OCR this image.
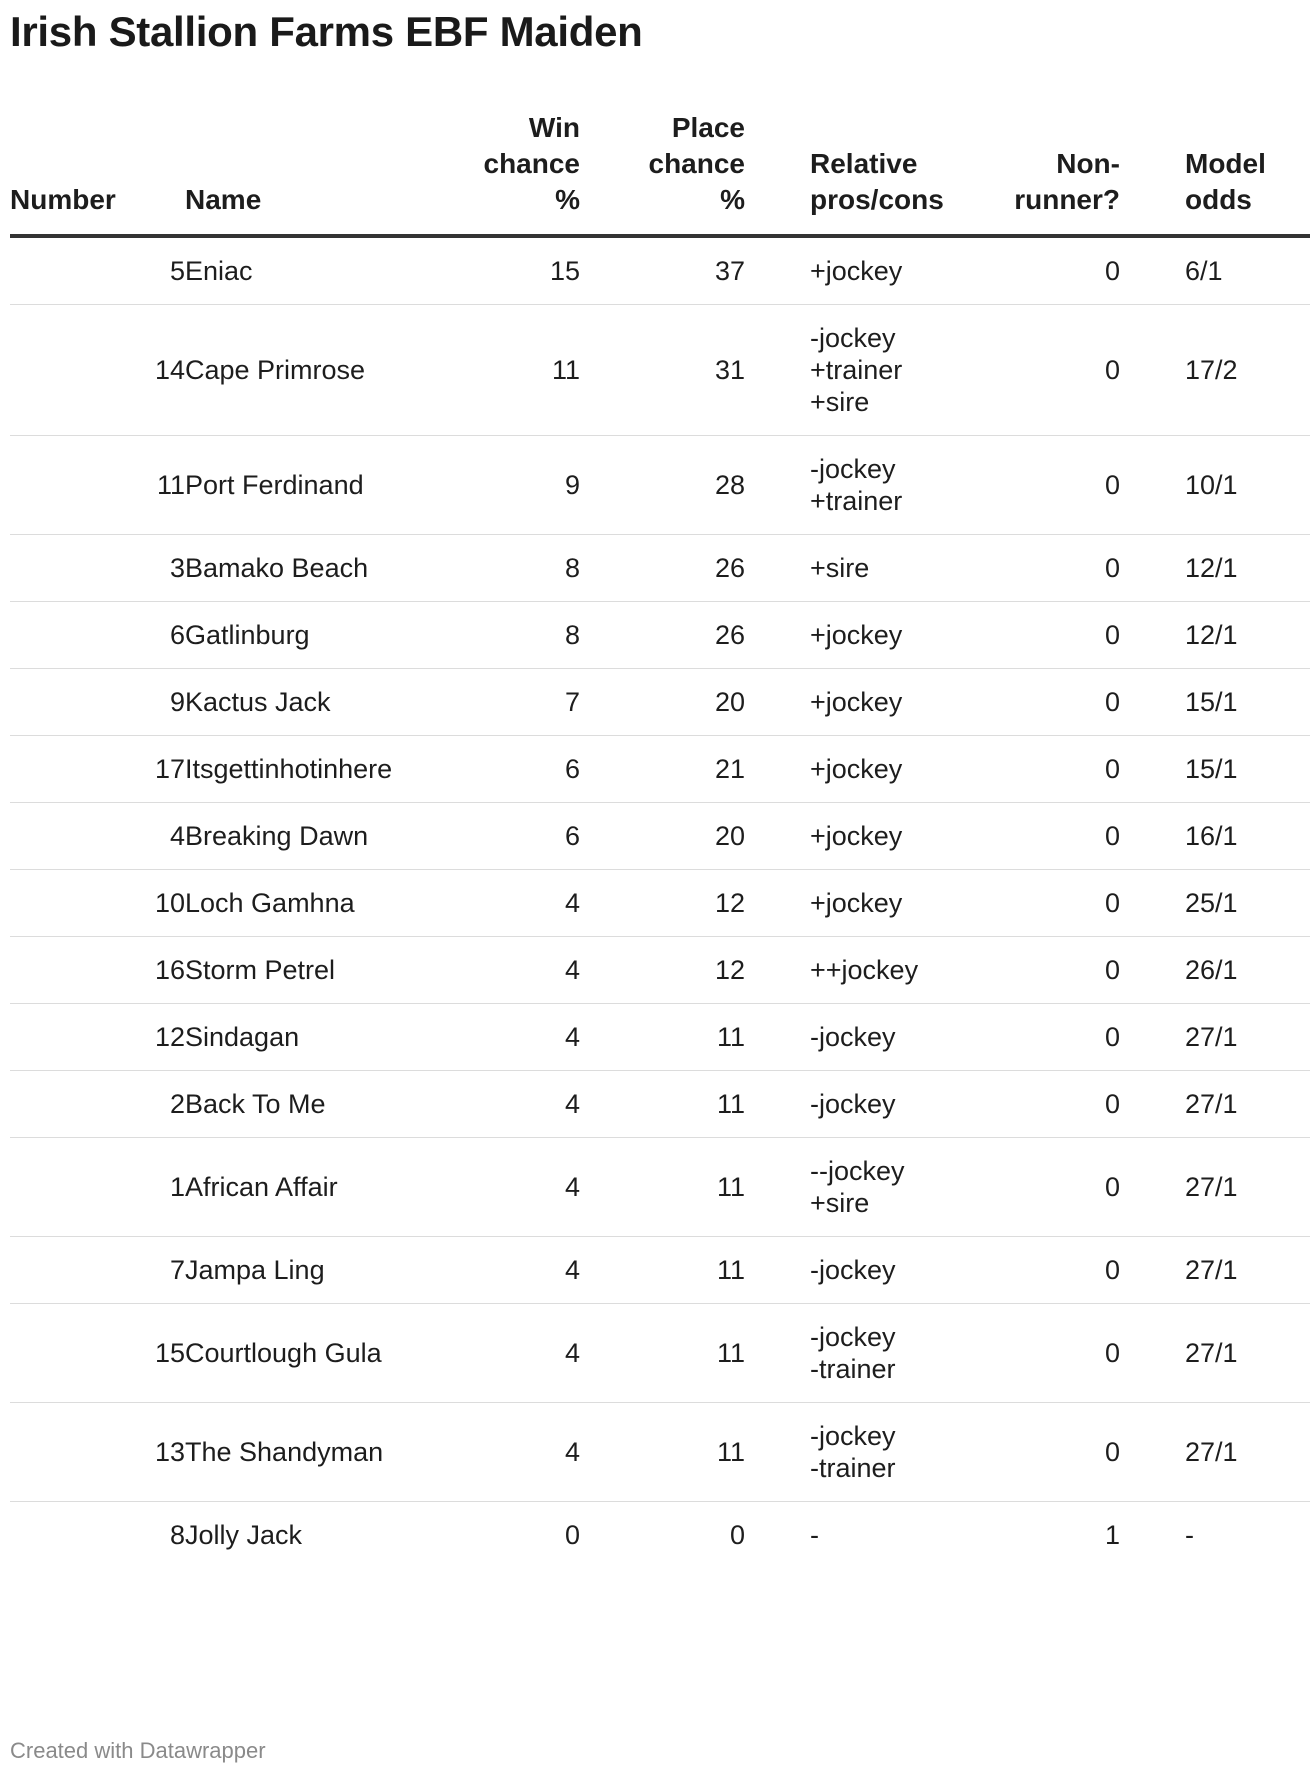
Irish Stallion Farms EBF Maiden
Number	Name	Win
chance
%	Place
chance
%	Relative
pros/cons	Non-
runner?	Model
odds

5	Eniac	15	37	+jockey	0	6/1
14	Cape Primrose	11	31	-jockey
+trainer
+sire	0	17/2
11	Port Ferdinand	9	28	-jockey
+trainer	0	10/1
3	Bamako Beach	8	26	+sire	0	12/1
6	Gatlinburg	8	26	+jockey	0	12/1
9	Kactus Jack	7	20	+jockey	0	15/1
17	Itsgettinhotinhere	6	21	+jockey	0	15/1
4	Breaking Dawn	6	20	+jockey	0	16/1
10	Loch Gamhna	4	12	+jockey	0	25/1
16	Storm Petrel	4	12	++jockey	0	26/1
12	Sindagan	4	11	-jockey	0	27/1
2	Back To Me	4	11	-jockey	0	27/1
1	African Affair	4	11	--jockey
+sire	0	27/1
7	Jampa Ling	4	11	-jockey	0	27/1
15	Courtlough Gula	4	11	-jockey
-trainer	0	27/1
13	The Shandyman	4	11	-jockey
-trainer	0	27/1
8	Jolly Jack	0	0	-	1	-
Created with Datawrapper
